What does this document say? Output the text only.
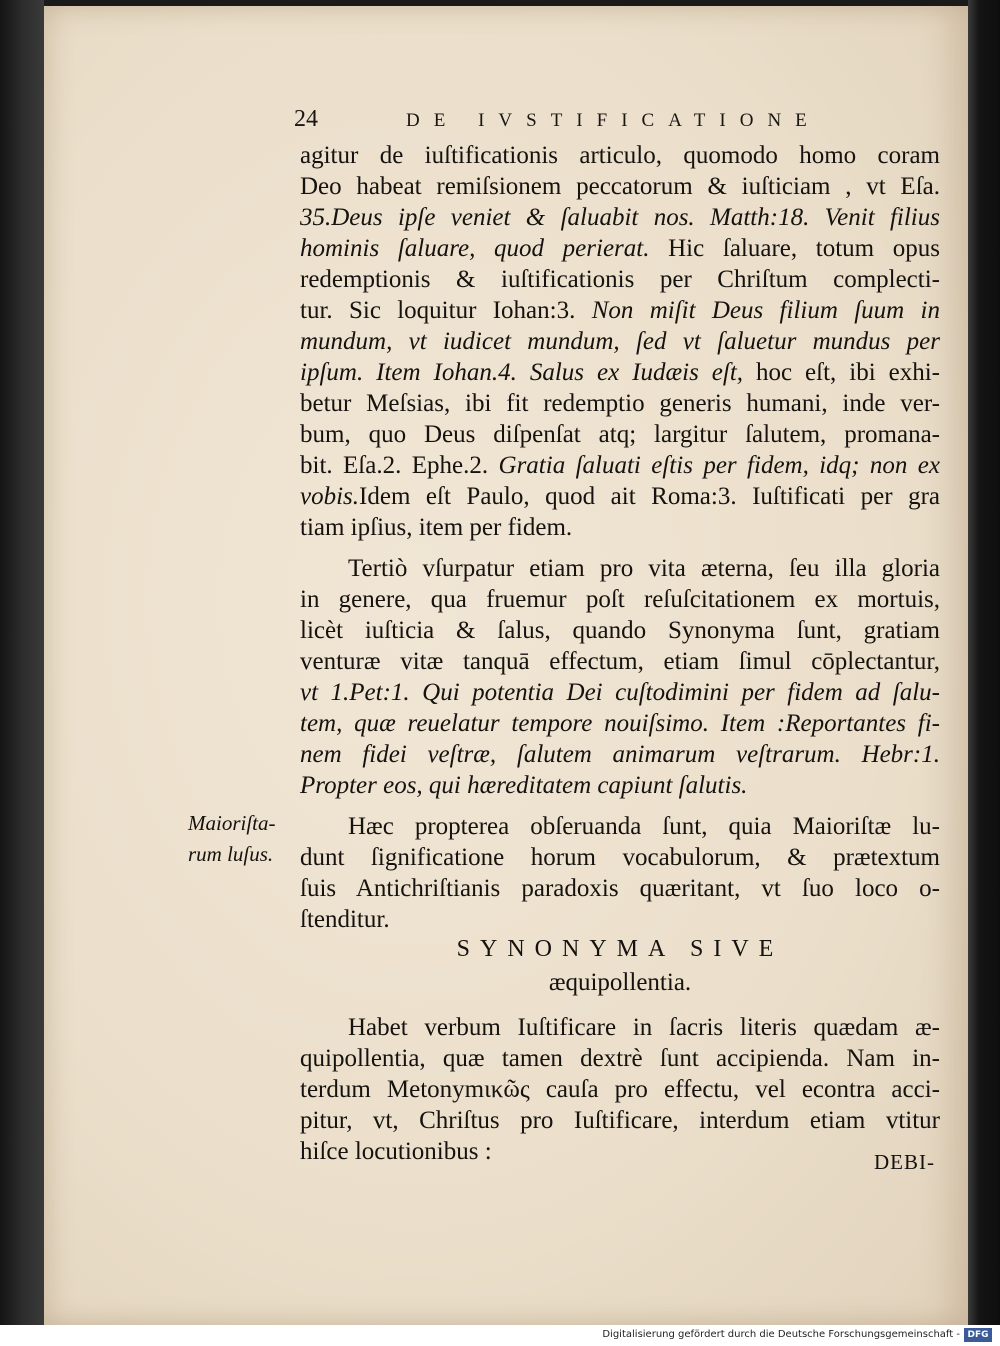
24	DE IVSTIFICATIONE
agitur de iuſtificationis articulo, quomodo homo coram
Deo habeat remiſsionem peccatorum & iuſticiam , vt Eſa.
35.Deus ipſe veniet & ſaluabit nos. Matth:18. Venit filius
hominis ſaluare, quod perierat. Hic ſaluare, totum opus
redemptionis & iuſtificationis per Chriſtum complecti-
tur. Sic loquitur Iohan:3. Non miſit Deus filium ſuum in
mundum, vt iudicet mundum, ſed vt ſaluetur mundus per
ipſum. Item Iohan.4. Salus ex Iudæis eſt, hoc eſt, ibi exhi-
betur Meſsias, ibi fit redemptio generis humani, inde ver-
bum, quo Deus diſpenſat atq; largitur ſalutem, promana-
bit. Eſa.2. Ephe.2. Gratia ſaluati eſtis per fidem, idq; non ex
vobis.Idem eſt Paulo, quod ait Roma:3. Iuſtificati per gra
tiam ipſius, item per fidem.
Tertiò vſurpatur etiam pro vita æterna, ſeu illa gloria
in genere, qua fruemur poſt reſuſcitationem ex mortuis,
licèt iuſticia & ſalus, quando Synonyma ſunt, gratiam
venturæ vitæ tanquā effectum, etiam ſimul cōplectantur,
vt 1.Pet:1. Qui potentia Dei cuſtodimini per fidem ad ſalu-
tem, quæ reuelatur tempore nouiſsimo. Item :Reportantes fi-
nem fidei veſtræ, ſalutem animarum veſtrarum. Hebr:1.
Propter eos, qui hæreditatem capiunt ſalutis.
Hæc propterea obſeruanda ſunt, quia Maioriſtæ lu-
dunt ſignificatione horum vocabulorum, & prætextum
ſuis Antichriſtianis paradoxis quæritant, vt ſuo loco o-
ſtenditur.
Maioriſta-
rum luſus.
SYNONYMA SIVE
æquipollentia.
Habet verbum Iuſtificare in ſacris literis quædam æ-
quipollentia, quæ tamen dextrè ſunt accipienda. Nam in-
terdum Metonymικῶς cauſa pro effectu, vel econtra acci-
pitur, vt, Chriſtus pro Iuſtificare, interdum etiam vtitur
hiſce locutionibus :	DEBI-
Digitalisierung gefördert durch die Deutsche Forschungsgemeinschaft - DFG
